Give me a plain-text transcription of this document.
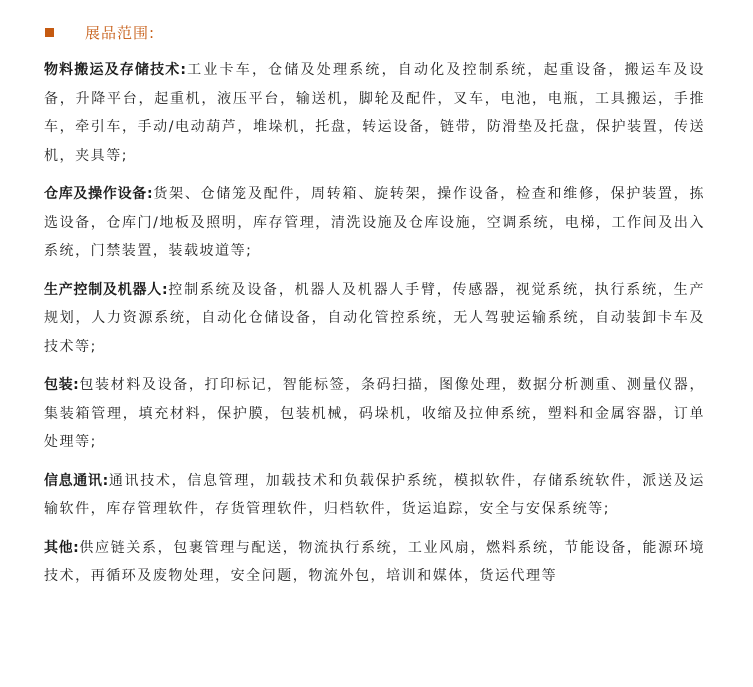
展品范围:

物料搬运及存储技术:工业卡车，仓储及处理系统，自动化及控制系统，起重设备，搬运车及设备，升降平台，起重机，液压平台，输送机，脚轮及配件，叉车，电池，电瓶，工具搬运，手推车，牵引车，手动/电动葫芦，堆垛机，托盘，转运设备，链带，防滑垫及托盘，保护装置，传送机，夹具等;

仓库及操作设备:货架、仓储笼及配件，周转箱、旋转架，操作设备，检查和维修，保护装置，拣选设备，仓库门/地板及照明，库存管理，清洗设施及仓库设施，空调系统，电梯，工作间及出入系统，门禁装置，装载坡道等;

生产控制及机器人:控制系统及设备，机器人及机器人手臂，传感器，视觉系统，执行系统，生产规划，人力资源系统，自动化仓储设备，自动化管控系统，无人驾驶运输系统，自动装卸卡车及技术等;

包装:包装材料及设备，打印标记，智能标签，条码扫描，图像处理，数据分析测重、测量仪器，集装箱管理，填充材料，保护膜，包装机械，码垛机，收缩及拉伸系统，塑料和金属容器，订单处理等;

信息通讯:通讯技术，信息管理，加载技术和负载保护系统，模拟软件，存储系统软件，派送及运输软件，库存管理软件，存货管理软件，归档软件，货运追踪，安全与安保系统等;

其他:供应链关系，包裹管理与配送，物流执行系统，工业风扇，燃料系统，节能设备，能源环境技术，再循环及废物处理，安全问题，物流外包，培训和媒体，货运代理等
